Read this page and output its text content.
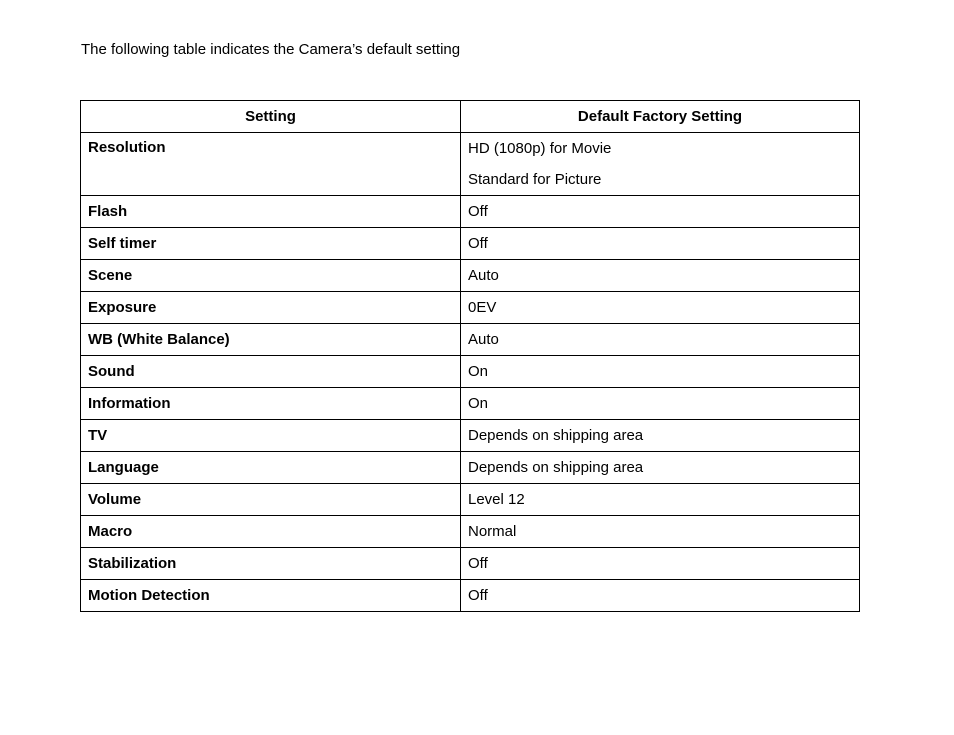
The following table indicates the Camera’s default setting
Setting	Default Factory Setting
Resolution	HD (1080p) for Movie
Standard for Picture

Flash	Off
Self timer	Off
Scene	Auto
Exposure	0EV
WB (White Balance)	Auto
Sound	On
Information	On
TV	Depends on shipping area
Language	Depends on shipping area
Volume	Level 12
Macro	Normal
Stabilization	Off
Motion Detection	Off
